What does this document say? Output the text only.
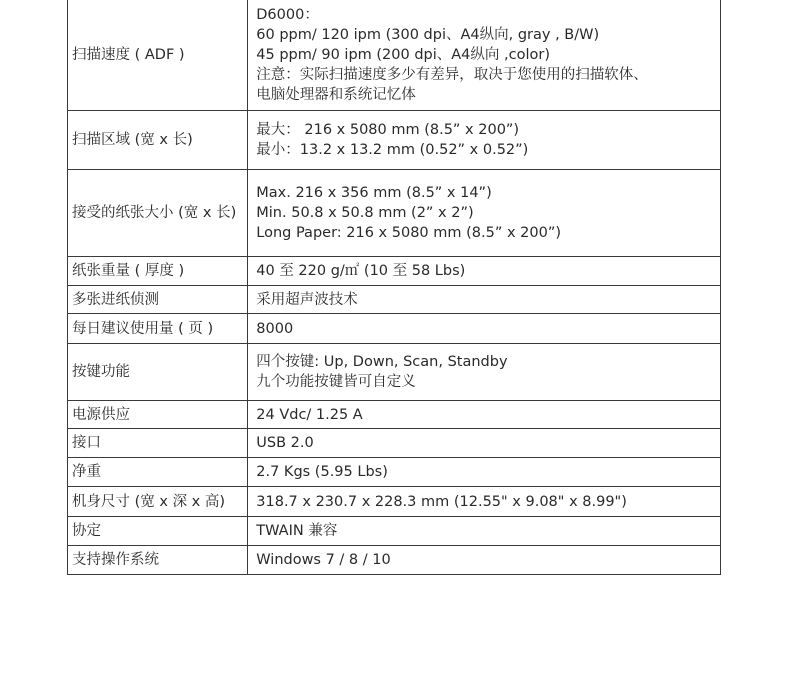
扫描速度 ( ADF )	D6000：
60 ppm/ 120 ipm (300 dpi、A4纵向, gray , B/W)
45 ppm/ 90 ipm (200 dpi、A4纵向 ,color)
注意：实际扫描速度多少有差异，取决于您使用的扫描软体、
电脑处理器和系统记忆体

扫描区域 (宽 x 长)	最大： 216 x 5080 mm (8.5” x 200”)
最小：13.2 x 13.2 mm (0.52” x 0.52”)

接受的纸张大小 (宽 x 长)	Max. 216 x 356 mm (8.5” x 14”)
Min. 50.8 x 50.8 mm (2” x 2”)
Long Paper: 216 x 5080 mm (8.5” x 200”)

纸张重量 ( 厚度 )	40 至 220 g/㎡ (10 至 58 Lbs)

多张进纸侦测	采用超声波技术

每日建议使用量 ( 页 )	8000

按键功能	四个按键: Up, Down, Scan, Standby
九个功能按键皆可自定义

电源供应	24 Vdc/ 1.25 A

接口	USB 2.0

净重	2.7 Kgs (5.95 Lbs)

机身尺寸 (宽 x 深 x 高)	318.7 x 230.7 x 228.3 mm (12.55" x 9.08" x 8.99")

协定	TWAIN 兼容

支持操作系统	Windows 7 / 8 / 10
